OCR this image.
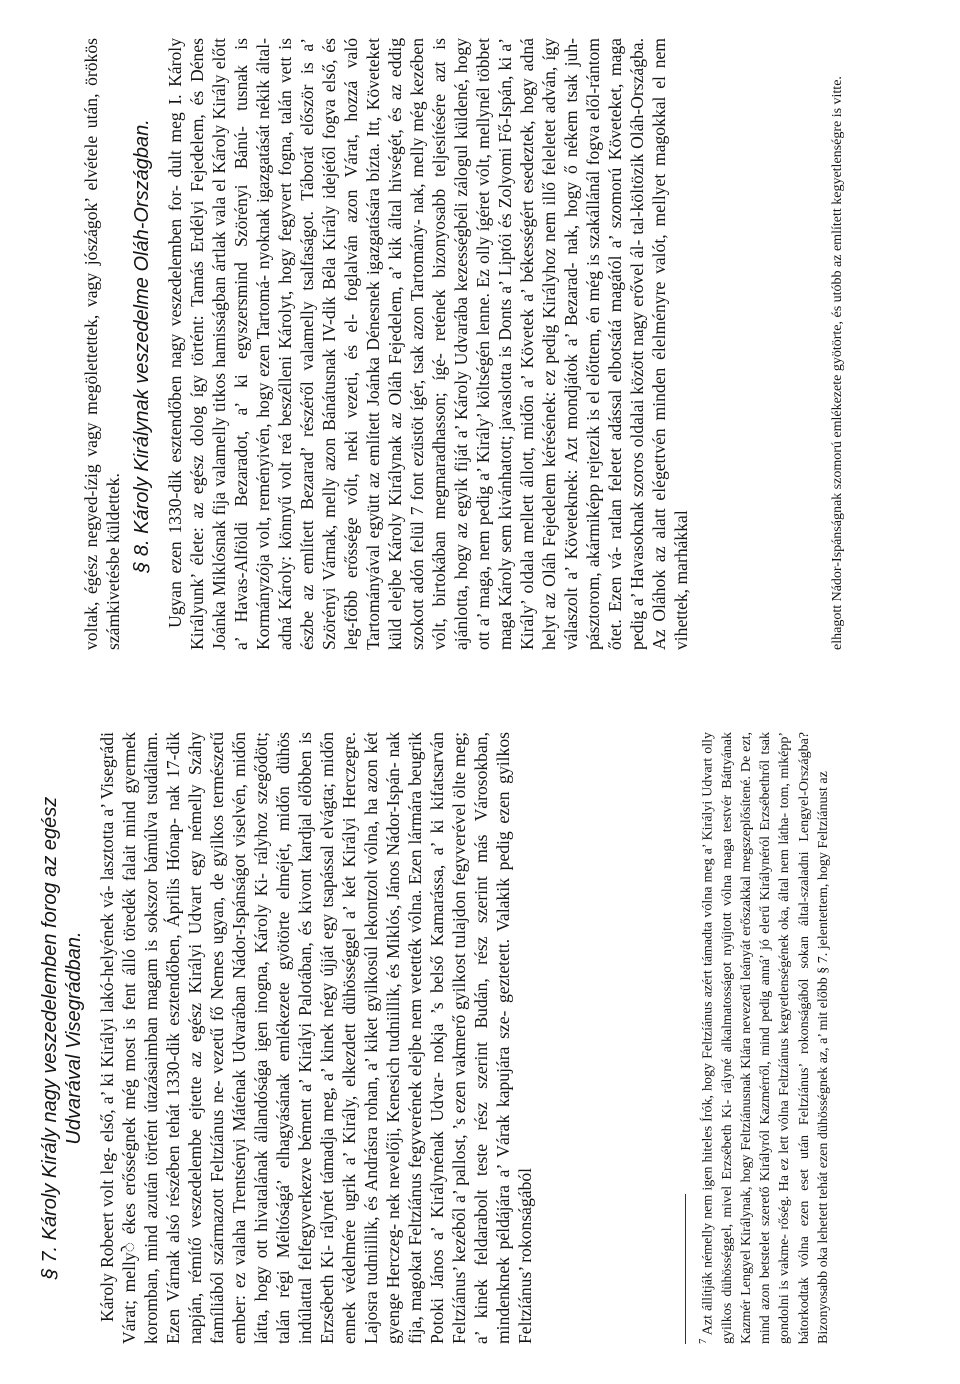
§ 7. Károly Király nagy veszedelemben forog az egész Udvarával Visegrádban. Károly Robeert volt leg- első, a’ ki Királyi lakó-helyének vá- lasztotta a’ Visegrádi Várat; mellyे ékes erősségnek még most is fent álló töredék falait mind gyermek koromban, mind azután történt útazásaimban magam is sokszor bámúlva tsudáltam. Ezen Várnak alsó részében tehát 1330-dik esztendőben, Április Hónap- nak 17-dik napján, rémítő veszedelembe ejtette az egész Királyi Udvart egy némelly Száhy famíliából származott Feltzíánus ne- vezetű fő Nemes ugyan, de gyilkos természetű ember: ez valaha Trentsényi Máténak Udvarában Nádor-Ispánságot viselvén, midőn látta, hogy ott hivatalának állandósága igen inogna, Károly Ki- rályhoz szegődött; talán régi Méltóságá’ elhagyásának emlékezete gyötörte elméjét, midőn dühös indúlattal felfegyverkezve bément a’ Királyi Palotában, és kivont kardjal előbben is Erzsébeth Ki- rálynét támadja meg, a’ kinek négy újját egy tsapással elvágta; midőn ennek védelmére ugrik a’ Király, elkezdett dühösséggel a’ két Királyi Herczegre. Lajosra tudniillik, és Andrásra rohan, a’ kiket gyilkosúl lekontzolt vólna, ha azon két gyenge Herczeg- nek nevelőji, Kenesich tudniillik, és Miklós, János Nádor-Ispán- nak fija, magokat Feltzíánus fegyverének elejbe nem vetették vólna. Ezen lármára beugrik Potoki János a’ Királynénak Udvar- nokja ’s belső Kamarássa, a’ ki kifatsarván Feltzíánus’ kezéből a’ pallost, ’s ezen vakmerő gyilkost tulajdon fegyverével ölte meg; a’ kinek feldarabolt teste rész szerint Budán, rész szerint más Városokban, mindenknek példájára a’ Várak kapujára sze- geztetett. Valakik pedig ezen gyilkos Feltzíánus’ rokonságából	$^7$ Azt állítják némelly nem igen hiteles Írók, hogy Feltzíánus azért támadta vólna meg a’ Királyi Udvart olly gyilkos dühösséggel, mivel Erzsébeth Ki- rályné alkalmatosságot nyújtott vólna maga testvér Báttyának Kazmér Lengyel Királynak, hogy Feltzíánusnak Klára nevezetű leányát erőszakkal megszeplősítené. De ezt, mind azon betstelet szerető Királyról Kazmérről, mind pedig anná’ jó elerű Királynéról Erzsébethről tsak gondolni is vakme- rőség. Ha ez lett vólna Feltzíánus kegyetlenségének oka, által nem látha- tom, miképp’ bátorkodtak vólna ezen eset után Feltzíánus’ rokonságából sokan által-szaladni Lengyel-Országba? Bizonyosabb oka lehetett tehát ezen dühösségnek az, a’ mit előbb § 7. jelentettem, hogy Feltzíánust az

voltak, égész negyed-ízig vagy megölettettek, vagy jószágok’ elvétele után, örökös számkivetésbe küldettek. § 8. Károly Királynak veszedelme Oláh-Országban. Ugyan ezen 1330-dik esztendőben nagy veszedelemben for- dult meg I. Károly Királyunk’ élete: az egész dolog így történt: Tamás Erdélyi Fejedelem, és Dénes Joánka Miklósnak fija valamelly titkos hamisságban ártlak vala el Károly Király előtt a’ Havas-Alföldi Bezaradot, a’ ki egyszersmind Szörényi Bánú- tusnak is Kormányzója volt, reményivén, hogy ezen Tartomá- nyoknak igazgatását nékik által-adná Károly: könnyű volt reá beszélleni Károlyt, hogy fegyvert fogna, talán vett is észbe az említett Bezarad’ részéről valamelly tsalfaságot. Táborát először is a’ Szörényi Várnak, melly azon Bánátusnak IV-dik Béla Király idejétől fogva első, és leg-főbb erőssége vólt, neki vezeti, és el- foglalván azon Várat, hozzá való Tartományával együtt az említett Joánka Dénesnek igazgatására bízta. Itt, Követeket küld elejbe Károly Királynak az Oláh Fejedelem, a’ kik által hivségét, és az eddig szokott adón felül 7 font ezüstöt ígér, tsak azon Tartomány- nak, melly még kezében vólt, birtokában megmaradhasson; ígé- retének bizonyosabb teljesítésére azt is ajánlotta, hogy az egyik fiját a’ Károly Udvarába kezességbéli zálogul küldené, hogy ott a’ maga, nem pedig a’ Király’ költségén lenne. Ez olly ígéret vólt, mellynél többet maga Károly sem kivánhatott; javaslotta is Donts a’ Liptói és Zolyomi Fő-Ispán, ki a’ Király’ oldala mellett állott, midőn a’ Követek a’ békességért esedeztek, hogy adná helyt az Oláh Fejedelem kérésének: ez pedig Királyhoz nem illő feleletet adván, így válaszolt a’ Követeknek: Azt mondjátok a’ Bezarad- nak, hogy ő nékem tsak juh-pásztorom, akármiképp rejtezik is el előttem, én még is szakállánál fogva elől-rántom őtet. Ezen vá- ratlan feletet adással elbotsátá magától a’ szomorú Követeket, maga pedig a’ Havasoknak szoros oldalai között nagy erővel ál- tal-költözik Oláh-Országba. Az Oláhok az alatt elégettvén minden élelményre valót, mellyet magokkal el nem vihettek, marhákkal	elhagott Nádor-Ispánságnak szomorú emlékezete gyötörte, és utóbb az említett kegyetlenségre is vitte.
